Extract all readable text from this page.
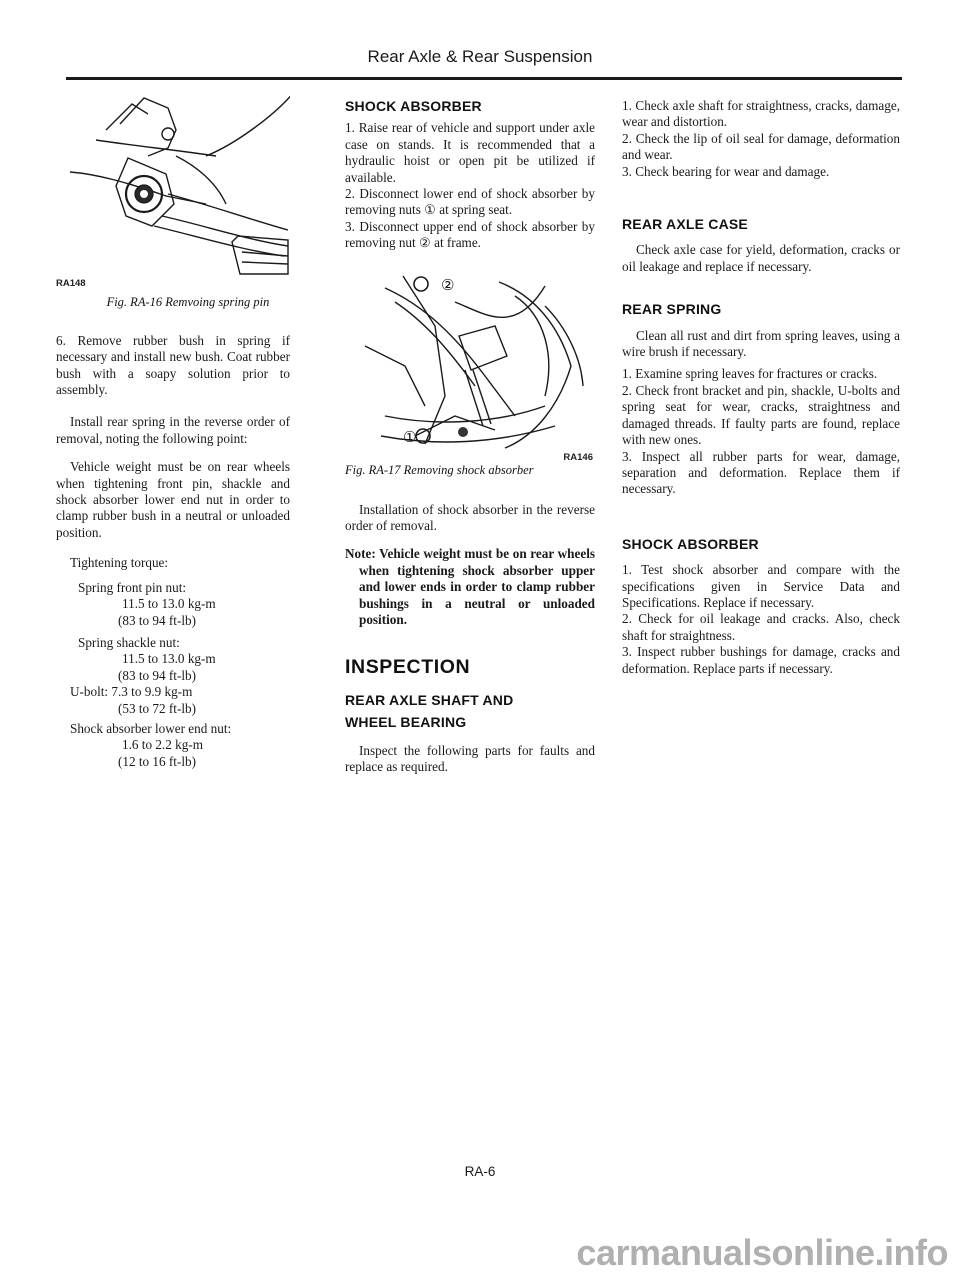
Rear Axle & Rear Suspension
RA148

Fig. RA-16 Remvoing spring pin

6. Remove rubber bush in spring if necessary and install new bush. Coat rubber bush with a soapy solution prior to assembly.

Install rear spring in the reverse order of removal, noting the following point:

Vehicle weight must be on rear wheels when tightening front pin, shackle and shock absorber lower end nut in order to clamp rubber bush in a neutral or unloaded position.

Tightening torque:

Spring front pin nut:

11.5 to 13.0 kg-m

(83 to 94 ft-lb)

Spring shackle nut:

11.5 to 13.0 kg-m

(83 to 94 ft-lb)

U-bolt: 7.3 to 9.9 kg-m

(53 to 72 ft-lb)

Shock absorber lower end nut:

1.6 to 2.2 kg-m

(12 to 16 ft-lb)

SHOCK ABSORBER

1. Raise rear of vehicle and support under axle case on stands. It is recommended that a hydraulic hoist or open pit be utilized if available.

2. Disconnect lower end of shock absorber by removing nuts ① at spring seat.

3. Disconnect upper end of shock absorber by removing nut ② at frame.

①
②
RA146

Fig. RA-17 Removing shock absorber

Installation of shock absorber in the reverse order of removal.

Note: Vehicle weight must be on rear wheels when tightening shock absorber upper and lower ends in order to clamp rubber bushings in a neutral or unloaded position.

INSPECTION

REAR AXLE SHAFT AND WHEEL BEARING

Inspect the following parts for faults and replace as required.

1. Check axle shaft for straightness, cracks, damage, wear and distortion.

2. Check the lip of oil seal for damage, deformation and wear.

3. Check bearing for wear and damage.

REAR AXLE CASE

Check axle case for yield, deformation, cracks or oil leakage and replace if necessary.

REAR SPRING

Clean all rust and dirt from spring leaves, using a wire brush if necessary.

1. Examine spring leaves for fractures or cracks.

2. Check front bracket and pin, shackle, U-bolts and spring seat for wear, cracks, straightness and damaged threads. If faulty parts are found, replace with new ones.

3. Inspect all rubber parts for wear, damage, separation and deformation. Replace them if necessary.

SHOCK ABSORBER

1. Test shock absorber and compare with the specifications given in Service Data and Specifications. Replace if necessary.

2. Check for oil leakage and cracks. Also, check shaft for straightness.

3. Inspect rubber bushings for damage, cracks and deformation. Replace parts if necessary.

RA-6
carmanualsonline.info
